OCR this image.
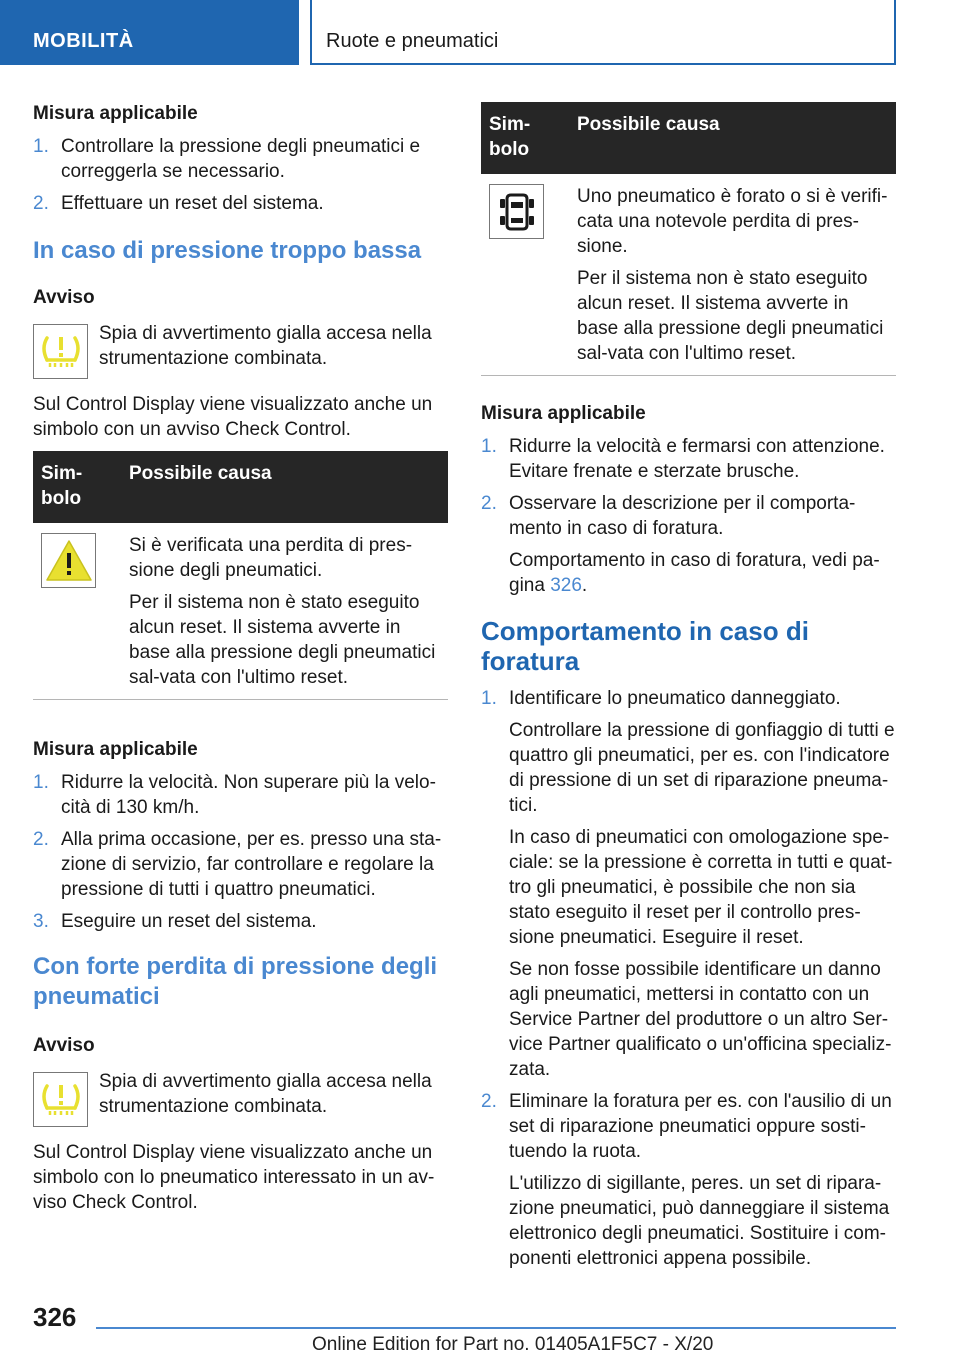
MOBILITÀ	Ruote e pneumatici
Misura applicabile
1. Controllare la pressione degli pneumatici e correggerla se necessario.
2. Effettuare un reset del sistema.
In caso di pressione troppo bassa
Avviso
Spia di avvertimento gialla accesa nella strumentazione combinata.

Sul Control Display viene visualizzato anche un simbolo con un avviso Check Control.

Sim-bolo	Possibile causa

Si è verificata una perdita di pres-sione degli pneumatici.

Per il sistema non è stato eseguito alcun reset. Il sistema avverte in base alla pressione degli pneumatici sal-vata con l'ultimo reset.

Misura applicabile
1. Ridurre la velocità. Non superare più la velo-cità di 130 km/h.
2. Alla prima occasione, per es. presso una sta-zione di servizio, far controllare e regolare la pressione di tutti i quattro pneumatici.
3. Eseguire un reset del sistema.
Con forte perdita di pressione degli pneumatici
Avviso
Spia di avvertimento gialla accesa nella strumentazione combinata.

Sul Control Display viene visualizzato anche un simbolo con lo pneumatico interessato in un av-viso Check Control.

Sim-bolo	Possibile causa

Uno pneumatico è forato o si è verifi-cata una notevole perdita di pres-sione.

Per il sistema non è stato eseguito alcun reset. Il sistema avverte in base alla pressione degli pneumatici sal-vata con l'ultimo reset.

Misura applicabile
1. Ridurre la velocità e fermarsi con attenzione. Evitare frenate e sterzate brusche.
2. Osservare la descrizione per il comporta-mento in caso di foratura.
Comportamento in caso di foratura, vedi pa-gina 326.
Comportamento in caso di foratura
1. Identificare lo pneumatico danneggiato.
Controllare la pressione di gonfiaggio di tutti e quattro gli pneumatici, per es. con l'indicatore di pressione di un set di riparazione pneuma-tici.
In caso di pneumatici con omologazione spe-ciale: se la pressione è corretta in tutti e quat-tro gli pneumatici, è possibile che non sia stato eseguito il reset per il controllo pres-sione pneumatici. Eseguire il reset.
Se non fosse possibile identificare un danno agli pneumatici, mettersi in contatto con un Service Partner del produttore o un altro Ser-vice Partner qualificato o un'officina specializ-zata.
2. Eliminare la foratura per es. con l'ausilio di un set di riparazione pneumatici oppure sosti-tuendo la ruota.
L'utilizzo di sigillante, peres. un set di ripara-zione pneumatici, può danneggiare il sistema elettronico degli pneumatici. Sostituire i com-ponenti elettronici appena possibile.
326
Online Edition for Part no. 01405A1F5C7 - X/20
